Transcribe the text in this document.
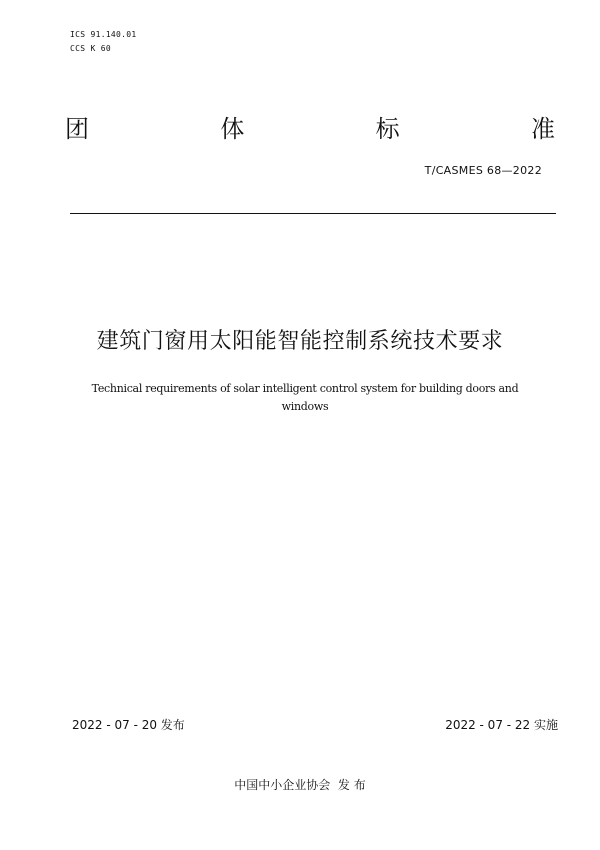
ICS 91.140.01
CCS K 60
团	体	标	准
T/CASMES 68—2022
建筑门窗用太阳能智能控制系统技术要求
Technical requirements of solar intelligent control system for building doors and
windows
2022 - 07 - 20 发布	2022 - 07 - 22 实施
中国中小企业协会  发 布
